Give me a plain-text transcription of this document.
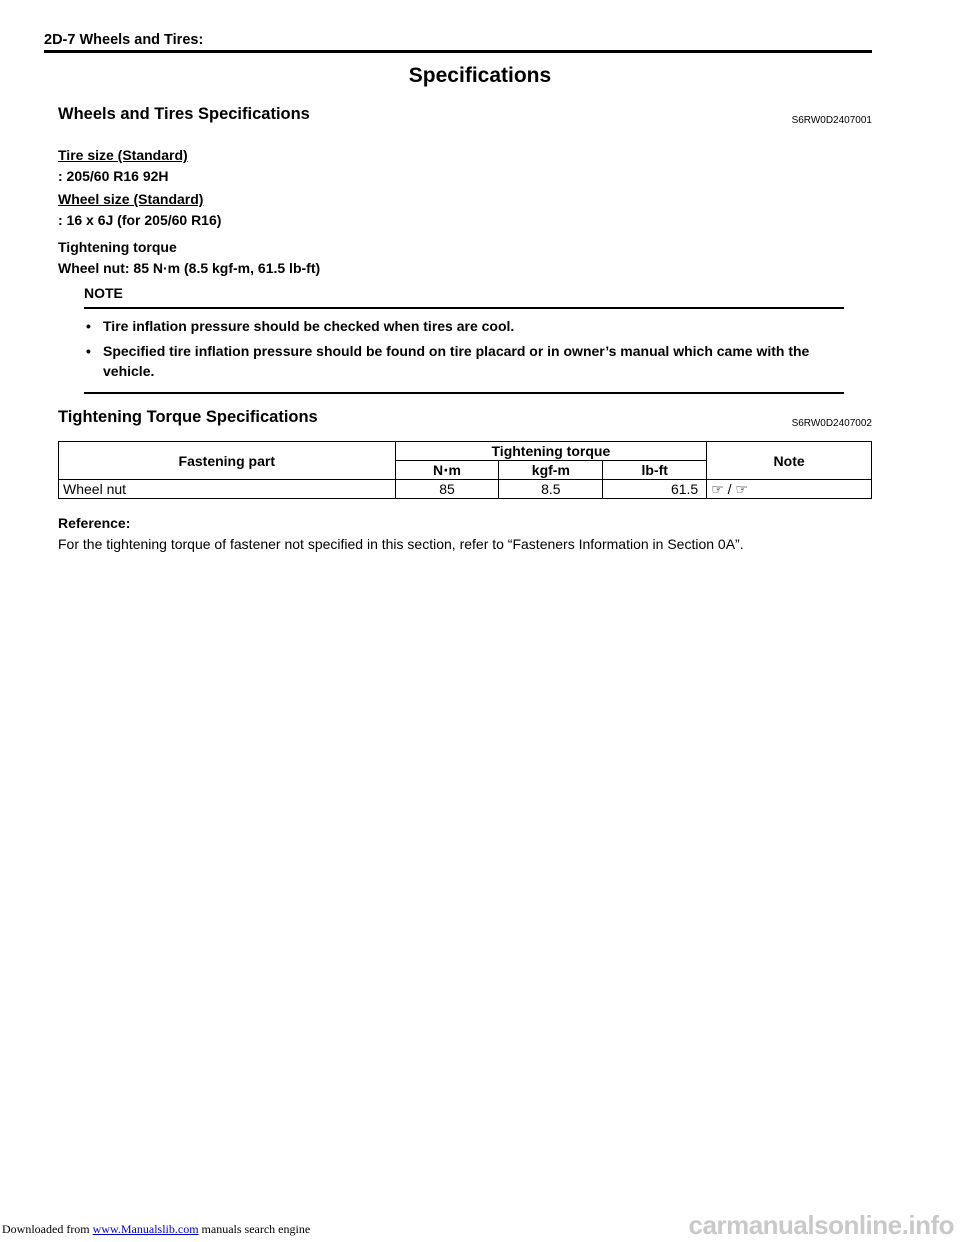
2D-7 Wheels and Tires:
Specifications
Wheels and Tires Specifications	S6RW0D2407001
Tire size (Standard)
: 205/60 R16 92H
Wheel size (Standard)
: 16 x 6J (for 205/60 R16)
Tightening torque
Wheel nut: 85 N·m (8.5 kgf-m, 61.5 lb-ft)
NOTE
• Tire inflation pressure should be checked when tires are cool.
• Specified tire inflation pressure should be found on tire placard or in owner’s manual which came with the vehicle.
Tightening Torque Specifications	S6RW0D2407002
Fastening part	Tightening torque			Note
	N⋅m	kgf-m	lb-ft	
Wheel nut	85	8.5	61.5	☞ / ☞
Reference:
For the tightening torque of fastener not specified in this section, refer to “Fasteners Information in Section 0A”.
Downloaded from www.Manualslib.com manuals search engine	carmanualsonline.info
